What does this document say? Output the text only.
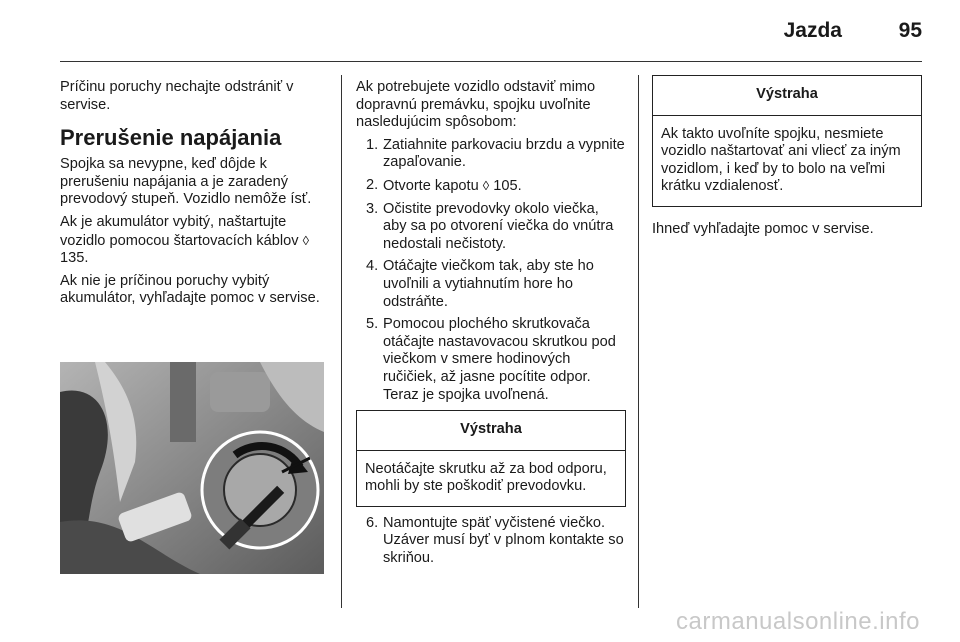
Jazda	95

Príčinu poruchy nechajte odstrániť v servise.

Prerušenie napájania

Spojka sa nevypne, keď dôjde k prerušeniu napájania a je zaradený prevodový stupeň. Vozidlo nemôže ísť.

Ak je akumulátor vybitý, naštartujte vozidlo pomocou štartovacích káblov ◊ 135.

Ak nie je príčinou poruchy vybitý akumulátor, vyhľadajte pomoc v servise.

Ak potrebujete vozidlo odstaviť mimo dopravnú premávku, spojku uvoľnite nasledujúcim spôsobom:

1. Zatiahnite parkovaciu brzdu a vypnite zapaľovanie.
2. Otvorte kapotu ◊ 105.
3. Očistite prevodovky okolo viečka, aby sa po otvorení viečka do vnútra nedostali nečistoty.
4. Otáčajte viečkom tak, aby ste ho uvoľnili a vytiahnutím hore ho odstráňte.
5. Pomocou plochého skrutkovača otáčajte nastavovacou skrutkou pod viečkom v smere hodinových ručičiek, až jasne pocítite odpor. Teraz je spojka uvoľnená.
Výstraha
Neotáčajte skrutku až za bod odporu, mohli by ste poškodiť prevodovku.
6. Namontujte späť vyčistené viečko. Uzáver musí byť v plnom kontakte so skriňou.
Výstraha
Ak takto uvoľníte spojku, nesmiete vozidlo naštartovať ani vliecť za iným vozidlom, i keď by to bolo na veľmi krátku vzdialenosť.

Ihneď vyhľadajte pomoc v servise.

carmanualsonline.info
